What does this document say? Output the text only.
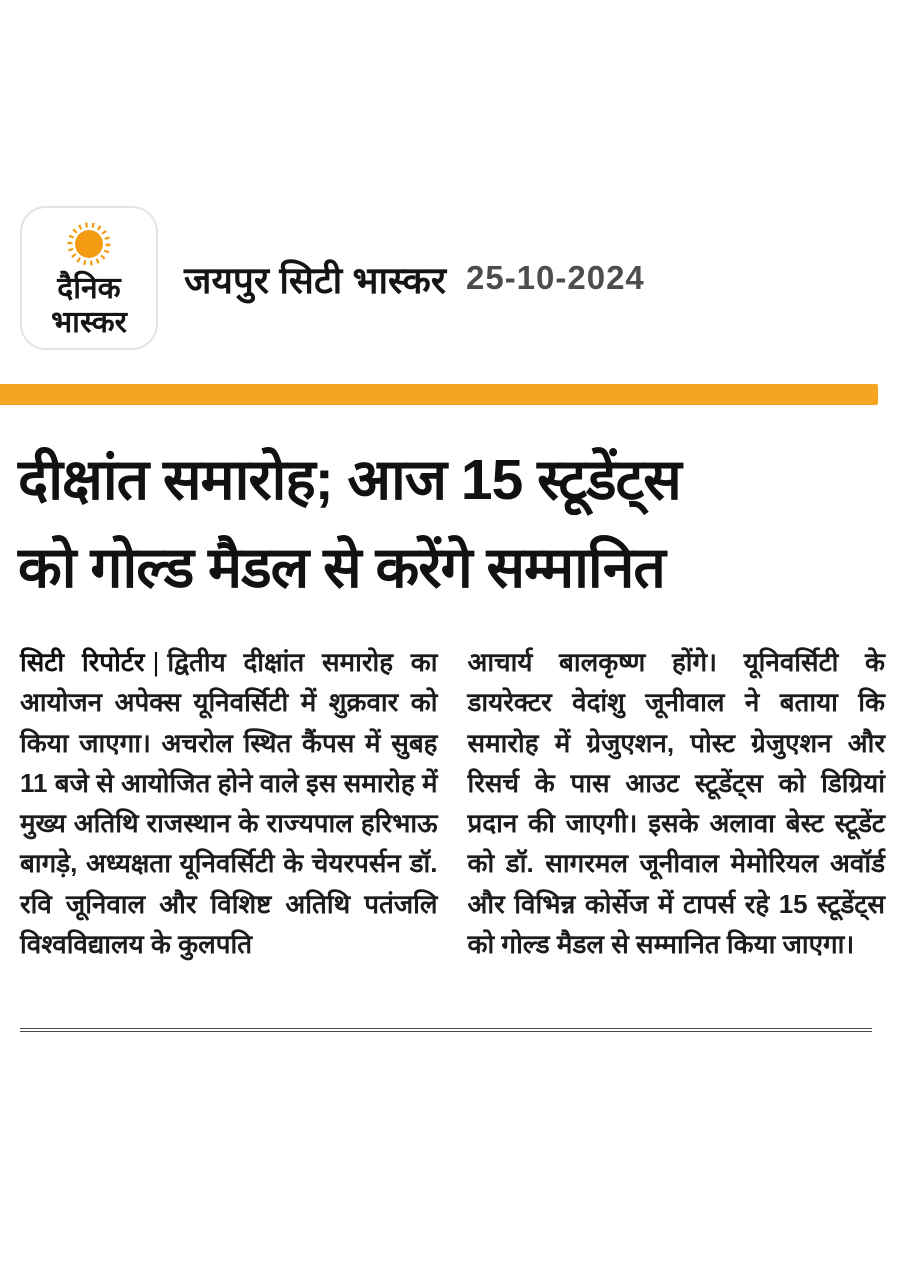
दैनिक
भास्कर
जयपुर सिटी भास्कर 25-10-2024
दीक्षांत समारोह; आज 15 स्टूडेंट्स
को गोल्ड मैडल से करेंगे सम्मानित

सिटी रिपोर्टर | द्वितीय दीक्षांत समारोह का आयोजन अपेक्स यूनिवर्सिटी में शुक्रवार को किया जाएगा। अचरोल स्थित कैंपस में सुबह 11 बजे से आयोजित होने वाले इस समारोह में मुख्य अतिथि राजस्थान के राज्यपाल हरिभाऊ बागड़े, अध्यक्षता यूनिवर्सिटी के चेयरपर्सन डॉ. रवि जूनिवाल और विशिष्ट अतिथि पतंजलि विश्वविद्यालय के कुलपति

आचार्य बालकृष्ण होंगे। यूनिवर्सिटी के डायरेक्टर वेदांशु जूनीवाल ने बताया कि समारोह में ग्रेजुएशन, पोस्ट ग्रेजुएशन और रिसर्च के पास आउट स्टूडेंट्स को डिग्रियां प्रदान की जाएगी। इसके अलावा बेस्ट स्टूडेंट को डॉ. सागरमल जूनीवाल मेमोरियल अवॉर्ड और विभिन्न कोर्सेज में टापर्स रहे 15 स्टूडेंट्स को गोल्ड मैडल से सम्मानित किया जाएगा।
